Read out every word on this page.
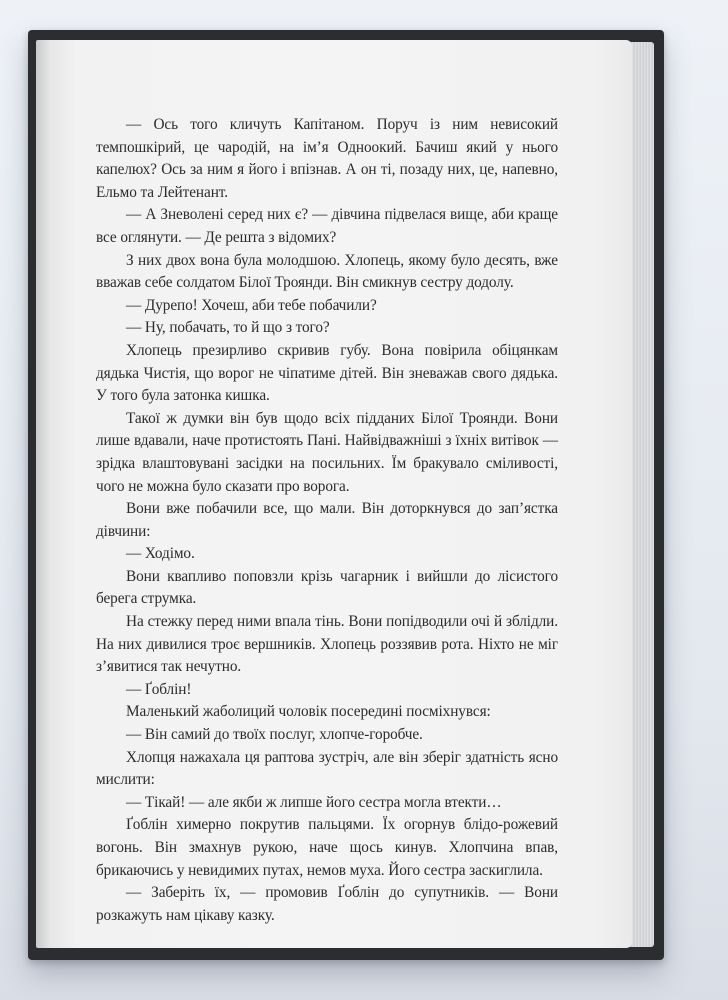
— Ось того кличуть Капітаном. Поруч із ним невисокий темпошкірий, це чародій, на ім’я Одноокий. Бачиш який у нього капелюх? Ось за ним я його і впізнав. А он ті, позаду них, це, напевно, Ельмо та Лейтенант.

— А Зневолені серед них є? — дівчина підвелася вище, аби краще все оглянути. — Де решта з відомих?

З них двох вона була молодшою. Хлопець, якому було десять, вже вважав себе солдатом Білої Троянди. Він смикнув сестру додолу.

— Дурепо! Хочеш, аби тебе побачили?

— Ну, побачать, то й що з того?

Хлопець презирливо скривив губу. Вона повірила обіцянкам дядька Чистія, що ворог не чіпатиме дітей. Він зневажав свого дядька. У того була затонка кишка.

Такої ж думки він був щодо всіх підданих Білої Троянди. Вони лише вдавали, наче протистоять Пані. Найвідважніші з їхніх витівок — зрідка влаштовувані засідки на посильних. Їм бракувало сміливості, чого не можна було сказати про ворога.

Вони вже побачили все, що мали. Він доторкнувся до зап’ястка дівчини:

— Ходімо.

Вони квапливо поповзли крізь чагарник і вийшли до лісистого берега струмка.

На стежку перед ними впала тінь. Вони попідводили очі й зблідли. На них дивилися троє вершників. Хлопець роззявив рота. Ніхто не міг з’явитися так нечутно.

— Ґоблін!

Маленький жаболиций чоловік посередині посміхнувся:

— Він самий до твоїх послуг, хлопче-горобче.

Хлопця нажахала ця раптова зустріч, але він зберіг здатність ясно мислити:

— Тікай! — але якби ж липше його сестра могла втекти…

Ґоблін химерно покрутив пальцями. Їх огорнув блідо-рожевий вогонь. Він змахнув рукою, наче щось кинув. Хлопчина впав, брикаючись у невидимих путах, немов муха. Його сестра заскиглила.

— Заберіть їх, — промовив Ґоблін до супутників. — Вони розкажуть нам цікаву казку.
